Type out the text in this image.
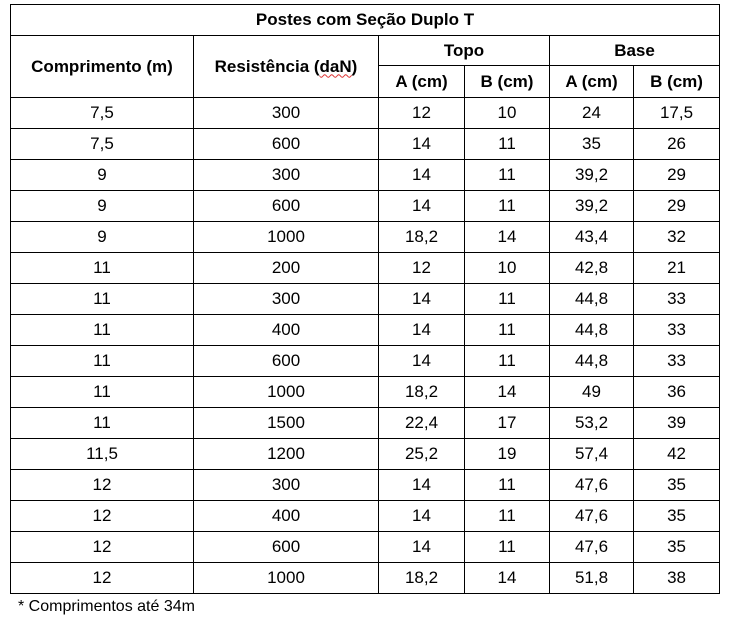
Postes com Seção Duplo T					
Comprimento (m)	Resistência (daN)	Topo		Base	
		A (cm)	B (cm)	A (cm)	B (cm)
7,5	300	12	10	24	17,5
7,5	600	14	11	35	26
9	300	14	11	39,2	29
9	600	14	11	39,2	29
9	1000	18,2	14	43,4	32
11	200	12	10	42,8	21
11	300	14	11	44,8	33
11	400	14	11	44,8	33
11	600	14	11	44,8	33
11	1000	18,2	14	49	36
11	1500	22,4	17	53,2	39
11,5	1200	25,2	19	57,4	42
12	300	14	11	47,6	35
12	400	14	11	47,6	35
12	600	14	11	47,6	35
12	1000	18,2	14	51,8	38
* Comprimentos até 34m
